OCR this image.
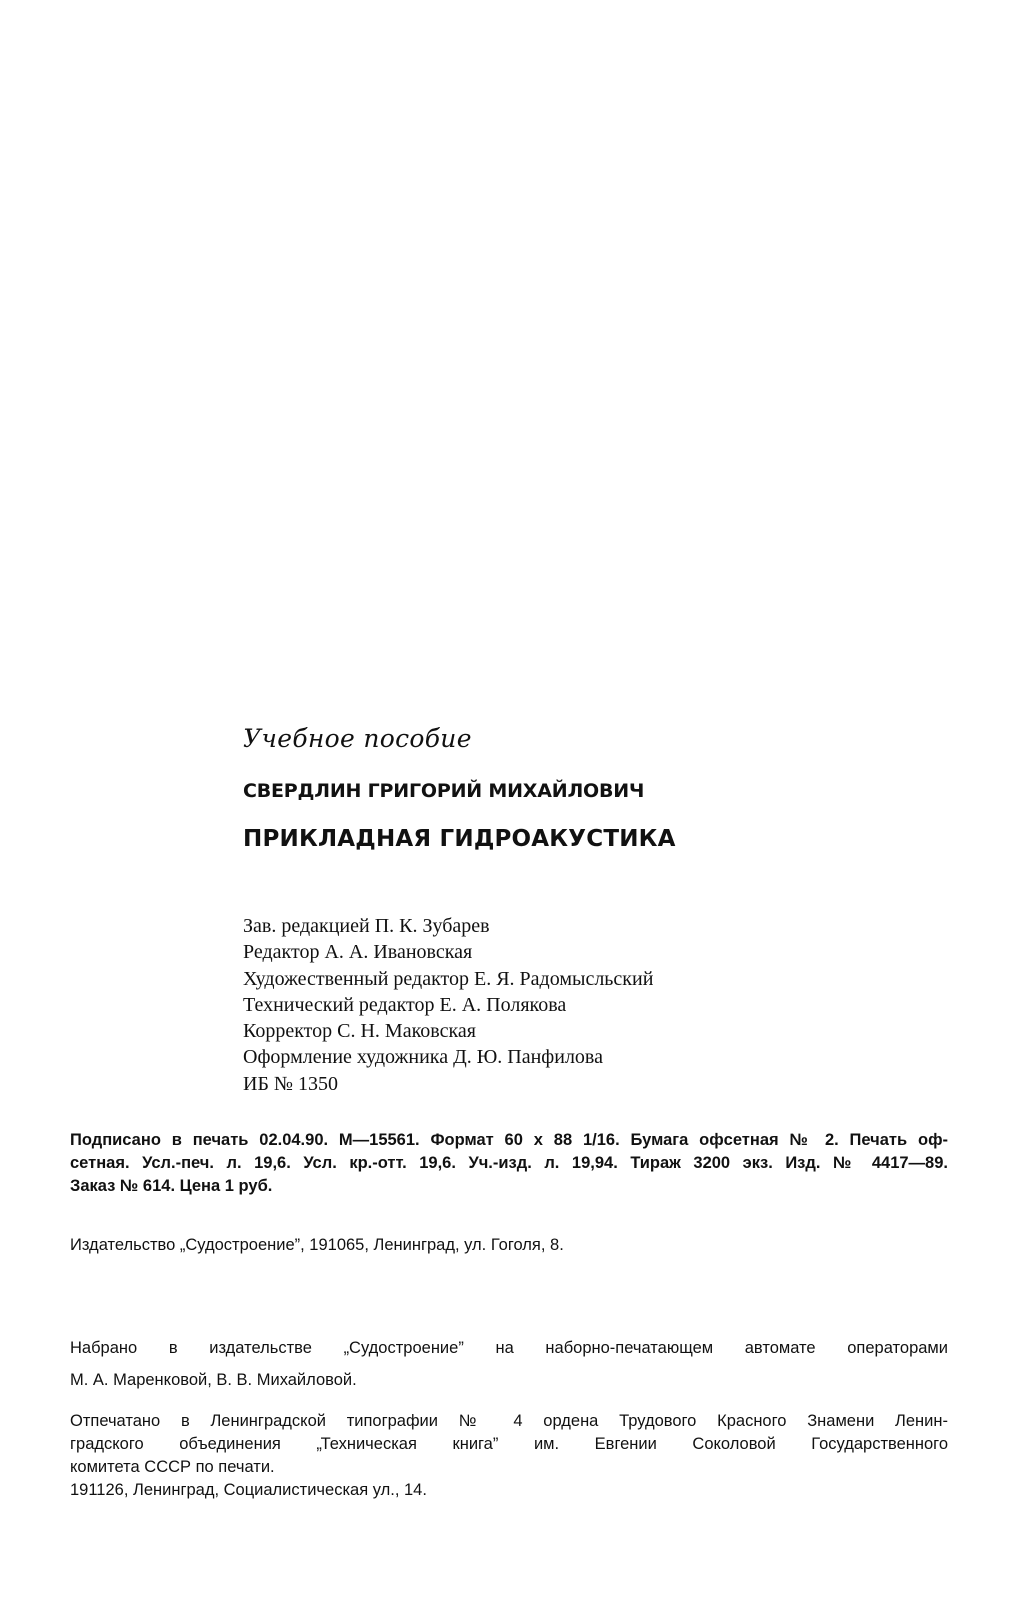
Учебное пособие
СВЕРДЛИН ГРИГОРИЙ МИХАЙЛОВИЧ
ПРИКЛАДНАЯ ГИДРОАКУСТИКА
Зав. редакцией П. К. Зубарев
Редактор А. А. Ивановская
Художественный редактор Е. Я. Радомысльский
Технический редактор Е. А. Полякова
Корректор С. Н. Маковская
Оформление художника Д. Ю. Панфилова
ИБ № 1350
Подписано в печать 02.04.90. М—15561. Формат 60 х 88 1/16. Бумага офсетная № 2. Печать оф-
сетная. Усл.-печ. л. 19,6. Усл. кр.-отт. 19,6. Уч.-изд. л. 19,94. Тираж 3200 экз. Изд. № 4417—89.
Заказ № 614. Цена 1 руб.
Издательство „Судостроение”, 191065, Ленинград, ул. Гоголя, 8.
Набрано в издательстве „Судостроение” на наборно-печатающем автомате операторами
М. А. Маренковой, В. В. Михайловой.
Отпечатано в Ленинградской типографии № 4 ордена Трудового Красного Знамени Ленин-
градского объединения „Техническая книга” им. Евгении Соколовой Государственного
комитета СССР по печати.
191126, Ленинград, Социалистическая ул., 14.
